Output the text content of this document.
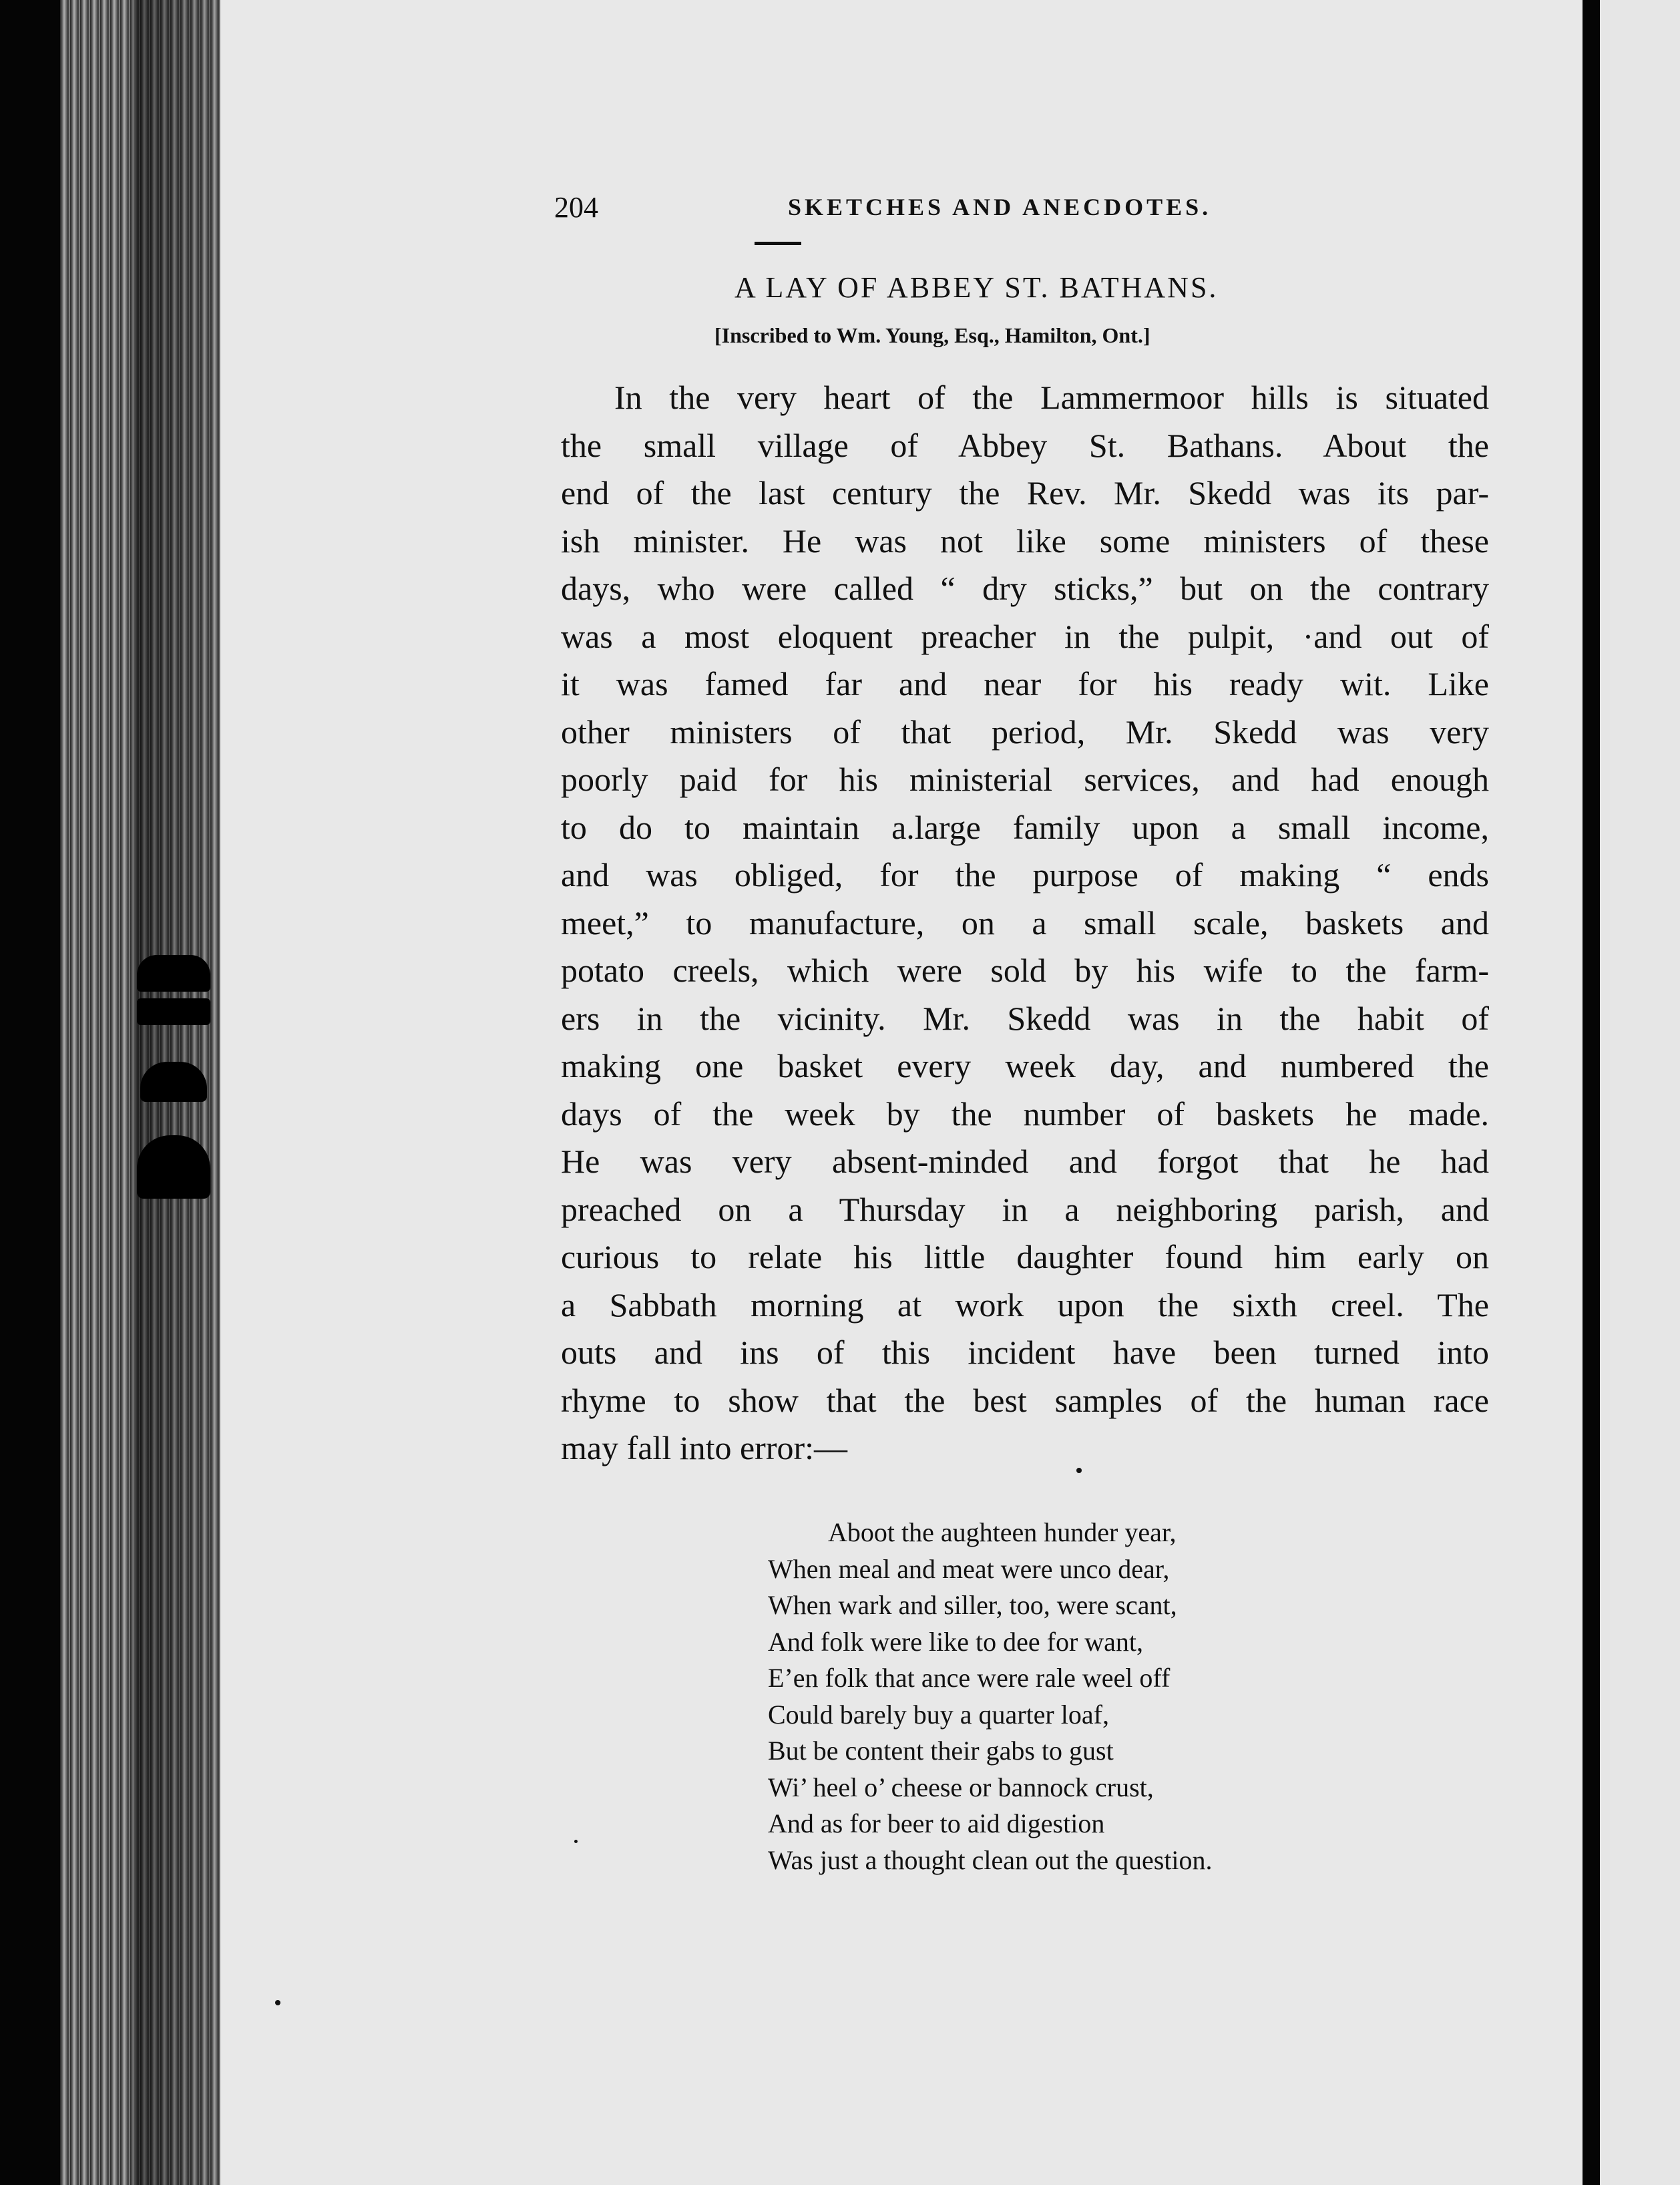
204	SKETCHES AND ANECDOTES.
A LAY OF ABBEY ST. BATHANS.
[Inscribed to Wm. Young, Esq., Hamilton, Ont.]
In the very heart of the Lammermoor hills is situated
the small village of Abbey St. Bathans. About the
end of the last century the Rev. Mr. Skedd was its par-
ish minister. He was not like some ministers of these
days, who were called “ dry sticks,” but on the contrary
was a most eloquent preacher in the pulpit, ·and out of
it was famed far and near for his ready wit. Like
other ministers of that period, Mr. Skedd was very
poorly paid for his ministerial services, and had enough
to do to maintain a.large family upon a small income,
and was obliged, for the purpose of making “ ends
meet,” to manufacture, on a small scale, baskets and
potato creels, which were sold by his wife to the farm-
ers in the vicinity. Mr. Skedd was in the habit of
making one basket every week day, and numbered the
days of the week by the number of baskets he made.
He was very absent-minded and forgot that he had
preached on a Thursday in a neighboring parish, and
curious to relate his little daughter found him early on
a Sabbath morning at work upon the sixth creel. The
outs and ins of this incident have been turned into
rhyme to show that the best samples of the human race
may fall into error:—
Aboot the aughteen hunder year,
When meal and meat were unco dear,
When wark and siller, too, were scant,
And folk were like to dee for want,
E’en folk that ance were rale weel off
Could barely buy a quarter loaf,
But be content their gabs to gust
Wi’ heel o’ cheese or bannock crust,
And as for beer to aid digestion
Was just a thought clean out the question.
